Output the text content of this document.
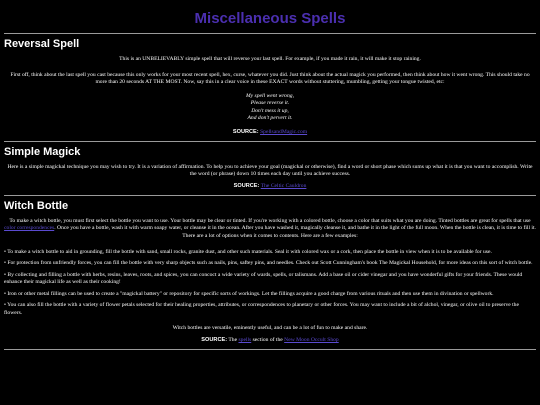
Miscellaneous Spells
Reversal Spell

This is an UNBELIEVABLY simple spell that will reverse your last spell. For example, if you made it rain, it will make it stop raining.

First off, think about the last spell you cast because this only works for your most recent spell, hex, curse, whatever you did. Just think about the actual magick you performed, then think about how it went wrong. This should take no more than 20 seconds AT THE MOST. Now, say this in a clear voice in these EXACT words without stuttering, mumbling, getting your tongue twisted, etc:

My spell went wrong,
Please reverse it.
Don't mess it up,
And don't pervert it.
SOURCE: SpellsandMagic.com
Simple Magick

Here is a simple magickal technique you may wish to try. It is a variation of affirmation. To help you to achieve your goal (magickal or otherwise), find a word or short phase which sums up what it is that you want to accomplish. Write the word (or phrase) down 10 times each day until you achieve success.

SOURCE: The Celtic Cauldron
Witch Bottle

To make a witch bottle, you must first select the bottle you want to use. Your bottle may be clear or tinted. If you're working with a colored bottle, choose a color that suits what you are doing. Tinted bottles are great for spells that use color correspondences. Once you have a bottle, wash it with warm soapy water, or cleanse it in the ocean. After you have washed it, magically cleanse it, and bathe it in the light of the full moon. When the bottle is clean, it is time to fill it. There are a lot of options when it comes to contents. Here are a few examples:

• To make a witch bottle to aid in grounding, fill the bottle with sand, small rocks, granite dust, and other such materials. Seal it with colored wax or a cork, then place the bottle in view when it is to be available for use.

• For protection from unfriendly forces, you can fill the bottle with very sharp objects such as nails, pins, saftey pins, and needles. Check out Scott Cunningham's book The Magickal Household, for more ideas on this sort of witch bottle.

• By collecting and filling a bottle with herbs, resins, leaves, roots, and spices, you can concoct a wide variety of wards, spells, or talismans. Add a base oil or cider vinegar and you have wonderful gifts for your friends. These would enhance their magickal life as well as their cooking!

• Iron or other metal fillings can be used to create a "magickal battery" or repository for specific sorts of workings. Let the fillings acquire a good charge from various rituals and then use them in divination or spellwork.

• You can also fill the bottle with a variety of flower petals selected for their healing properties, attributes, or correspondences to planetary or other forces. You may want to include a bit of alchol, vinegar, or olive oil to preserve the flowers.

Witch bottles are versatile, eminently useful, and can be a lot of fun to make and share.

SOURCE: The spells section of the New Moon Occult Shop
